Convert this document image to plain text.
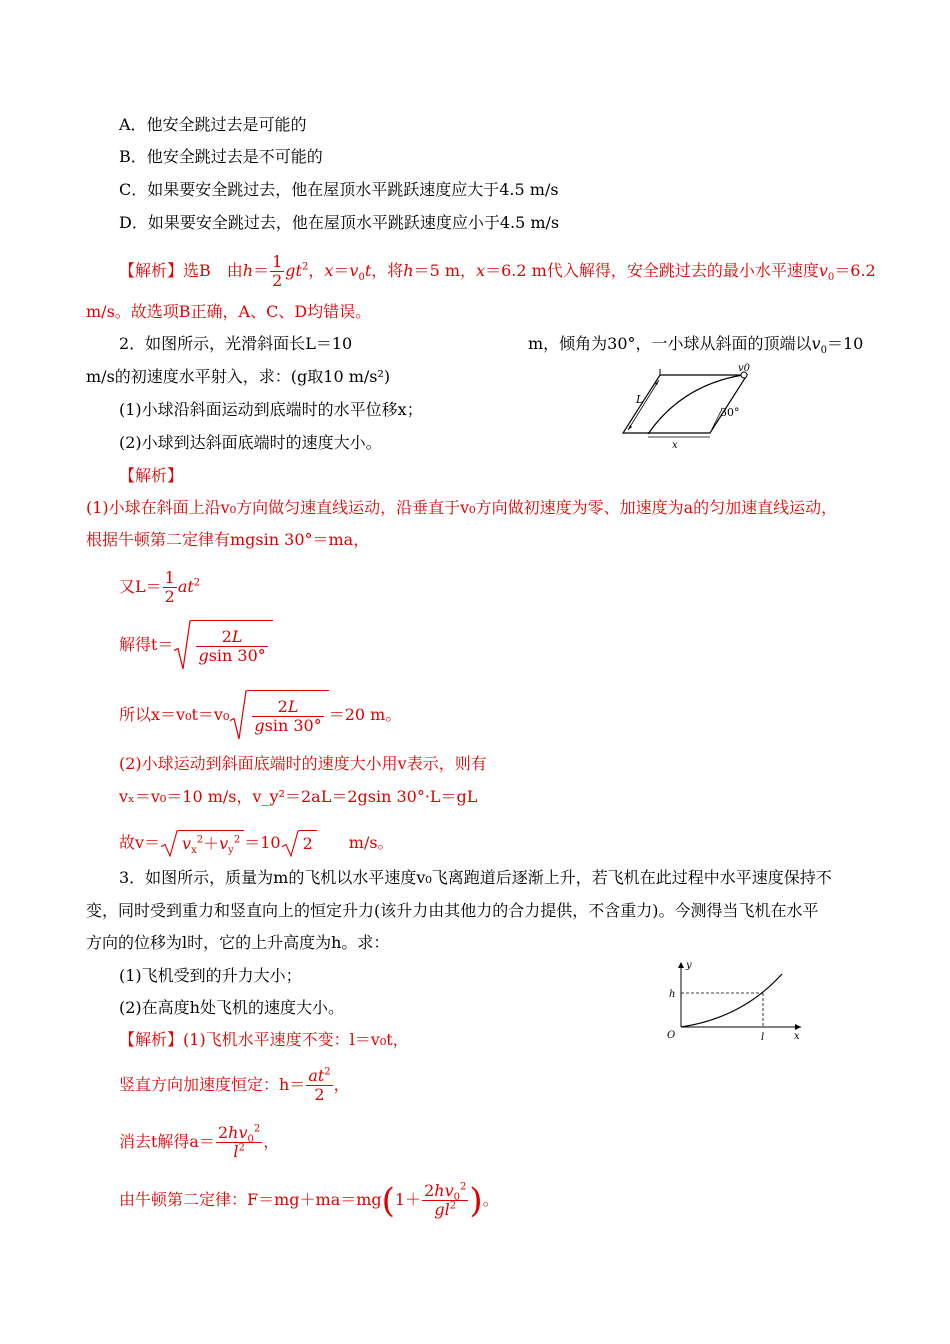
A．他安全跳过去是可能的
B．他安全跳过去是不可能的
C．如果要安全跳过去，他在屋顶水平跳跃速度应大于4.5 m/s
D．如果要安全跳过去，他在屋顶水平跳跃速度应小于4.5 m/s
【解析】选B　由$h= \frac{1}{2} gt^2$，$x=v_0t$，将h＝5 m，x＝6.2 m代入解得，安全跳过去的最小水平速度$v_0=6.2$
m/s。故选项B正确，A、C、D均错误。
2．如图所示，光滑斜面长L＝10	m，倾角为30°，一小球从斜面的顶端以$v_0=10$
m/s的初速度水平射入，求：(g取10 m/s²)
(1)小球沿斜面运动到底端时的水平位移x；
(2)小球到达斜面底端时的速度大小。
【解析】
L
v0
30°
x
(1)小球在斜面上沿v₀方向做匀速直线运动，沿垂直于v₀方向做初速度为零、加速度为a的匀加速直线运动，
根据牛顿第二定律有mgsin 30°＝ma，
又$L= \frac{1}{2} at^2$
解得$t= \frac{2L}{gsin 30^\circ}$
所以$x=v_0t=v_0 \frac{2L}{gsin 30^\circ} =20$ m。
(2)小球运动到斜面底端时的速度大小用v表示，则有
vₓ＝v₀＝10 m/s，v_y²＝2aL＝2gsin 30°·L＝gL
故$v= v_x^2+v_y^2 =10$ 2　　 m/s。
3．如图所示，质量为m的飞机以水平速度v₀飞离跑道后逐渐上升，若飞机在此过程中水平速度保持不
变，同时受到重力和竖直向上的恒定升力(该升力由其他力的合力提供，不含重力)。今测得当飞机在水平
方向的位移为l时，它的上升高度为h。求：
(1)飞机受到的升力大小；
(2)在高度h处飞机的速度大小。
y
h
O	l	x
【解析】(1)飞机水平速度不变：l＝v₀t，
竖直方向加速度恒定：$h= \frac{at^2}{2}$ ，
消去t解得$a= \frac{2hv_0^2}{l^2}$ ，
由牛顿第二定律：$F=mg+ma=mg(1+ \frac{2hv_0^2}{gl^2}$ )。
